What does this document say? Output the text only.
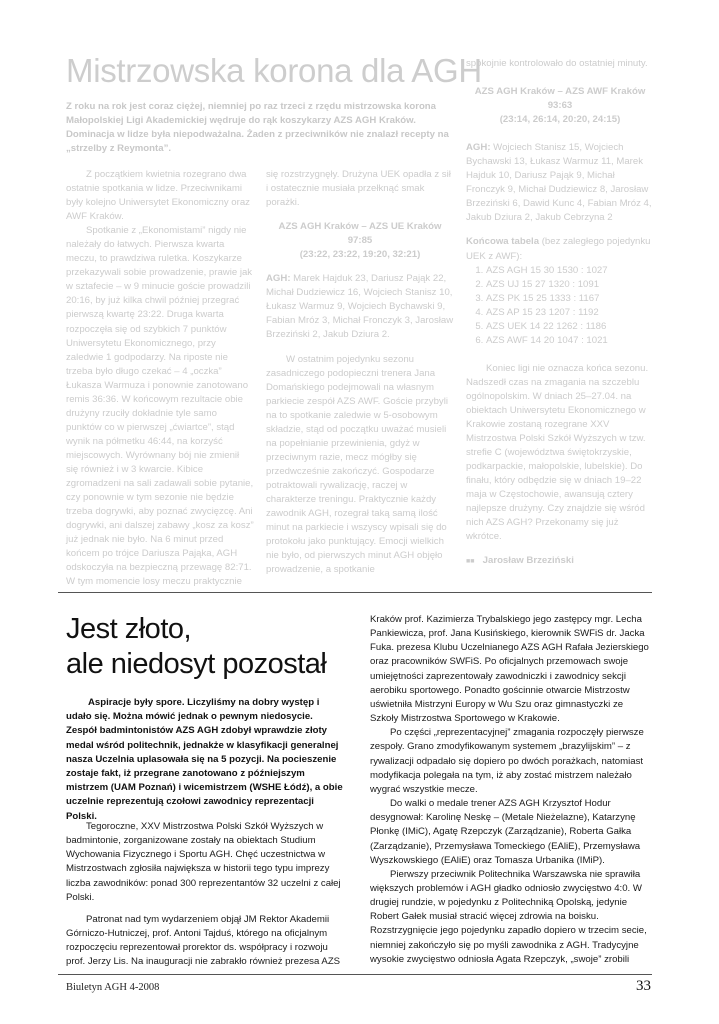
Mistrzowska korona dla AGH

Z roku na rok jest coraz ciężej, niemniej po raz trzeci z rzędu mistrzowska korona Małopolskiej Ligi Akademickiej wędruje do rąk koszykarzy AZS AGH Kraków. Dominacja w lidze była niepodważalna. Żaden z przeciwników nie znalazł recepty na „strzelby z Reymonta”.

Z początkiem kwietnia rozegrano dwa ostatnie spotkania w lidze. Przeciwnikami były kolejno Uniwersytet Ekonomiczny oraz AWF Kraków.

Spotkanie z „Ekonomistami” nigdy nie należały do łatwych. Pierwsza kwarta meczu, to prawdziwa ruletka. Koszykarze przekazywali sobie prowadzenie, prawie jak w sztafecie – w 9 minucie goście prowadzili 20:16, by już kilka chwil później przegrać pierwszą kwartę 23:22. Druga kwarta rozpoczęła się od szybkich 7 punktów Uniwersytetu Ekonomicznego, przy zaledwie 1 godpodarzy. Na riposte nie trzeba było długo czekać – 4 „oczka” Łukasza Warmuza i ponownie zanotowano remis 36:36. W końcowym rezultacie obie drużyny rzuciły dokładnie tyle samo punktów co w pierwszej „ćwiartce”, stąd wynik na półmetku 46:44, na korzyść miejscowych. Wyrównany bój nie zmienił się również i w 3 kwarcie. Kibice zgromadzeni na sali zadawali sobie pytanie, czy ponownie w tym sezonie nie będzie trzeba dogrywki, aby poznać zwycięzcę. Ani dogrywki, ani dalszej zabawy „kosz za kosz” już jednak nie było. Na 6 minut przed końcem po trójce Dariusza Pająka, AGH odskoczyła na bezpieczną przewagę 82:71. W tym momencie losy meczu praktycznie

się rozstrzygnęły. Drużyna UEK opadła z sił i ostatecznie musiała przełknąć smak porażki.

AZS AGH Kraków – AZS UE Kraków

97:85

(23:22, 23:22, 19:20, 32:21)

AGH: Marek Hajduk 23, Dariusz Pająk 22, Michał Dudziewicz 16, Wojciech Stanisz 10, Łukasz Warmuz 9, Wojciech Bychawski 9, Fabian Mróz 3, Michał Fronczyk 3, Jarosław Brzeziński 2, Jakub Dziura 2.

W ostatnim pojedynku sezonu zasadniczego podopieczni trenera Jana Domańskiego podejmowali na własnym parkiecie zespół AZS AWF. Goście przybyli na to spotkanie zaledwie w 5-osobowym składzie, stąd od początku uważać musieli na popełnianie przewinienia, gdyż w przeciwnym razie, mecz mógłby się przedwcześnie zakończyć. Gospodarze potraktowali rywalizację, raczej w charakterze treningu. Praktycznie każdy zawodnik AGH, rozegrał taką samą ilość minut na parkiecie i wszyscy wpisali się do protokołu jako punktujący. Emocji wielkich nie było, od pierwszych minut AGH objęło prowadzenie, a spotkanie

spokojnie kontrolowało do ostatniej minuty.

AZS AGH Kraków – AZS AWF Kraków

93:63

(23:14, 26:14, 20:20, 24:15)

AGH: Wojciech Stanisz 15, Wojciech Bychawski 13, Łukasz Warmuz 11, Marek Hajduk 10, Dariusz Pająk 9, Michał Fronczyk 9, Michał Dudziewicz 8, Jarosław Brzeziński 6, Dawid Kunc 4, Fabian Mróz 4, Jakub Dziura 2, Jakub Cebrzyna 2

Końcowa tabela (bez zaległego pojedynku UEK z AWF):

1. AZS AGH 15 30 1530 : 1027
2. AZS UJ 15 27 1320 : 1091
3. AZS PK 15 25 1333 : 1167
4. AZS AP 15 23 1207 : 1192
5. AZS UEK 14 22 1262 : 1186
6. AZS AWF 14 20 1047 : 1021

Koniec ligi nie oznacza końca sezonu. Nadszedł czas na zmagania na szczeblu ogólnopolskim. W dniach 25–27.04. na obiektach Uniwersytetu Ekonomicznego w Krakowie zostaną rozegrane XXV Mistrzostwa Polski Szkół Wyższych w tzw. strefie C (województwa świętokrzyskie, podkarpackie, małopolskie, lubelskie). Do finału, który odbędzie się w dniach 19–22 maja w Częstochowie, awansują cztery najlepsze drużyny. Czy znajdzie się wśród nich AZS AGH? Przekonamy się już wkrótce.

■■ Jarosław Brzeziński

Jest złoto,
ale niedosyt pozostał

Aspiracje były spore. Liczyliśmy na dobry występ i udało się. Można mówić jednak o pewnym niedosycie. Zespół badmintonistów AZS AGH zdobył wprawdzie złoty medal wśród politechnik, jednakże w klasyfikacji generalnej nasza Uczelnia uplasowała się na 5 pozycji. Na pocieszenie zostaje fakt, iż przegrane zanotowano z późniejszym mistrzem (UAM Poznań) i wicemistrzem (WSHE Łódź), a obie uczelnie reprezentują czołowi zawodnicy reprezentacji Polski.

Tegoroczne, XXV Mistrzostwa Polski Szkół Wyższych w badmintonie, zorganizowane zostały na obiektach Studium Wychowania Fizycznego i Sportu AGH. Chęć uczestnictwa w Mistrzostwach zgłosiła największa w historii tego typu imprezy liczba zawodników: ponad 300 reprezentantów 32 uczelni z całej Polski.

Patronat nad tym wydarzeniem objął JM Rektor Akademii Górniczo-Hutniczej, prof. Antoni Tajduś, którego na oficjalnym rozpoczęciu reprezentował prorektor ds. współpracy i rozwoju prof. Jerzy Lis. Na inauguracji nie zabrakło również prezesa AZS

Kraków prof. Kazimierza Trybalskiego jego zastępcy mgr. Lecha Pankiewicza, prof. Jana Kusińskiego, kierownik SWFiS dr. Jacka Fuka. prezesa Klubu Uczelnianego AZS AGH Rafała Jezierskiego oraz pracowników SWFiS. Po oficjalnych przemowach swoje umiejętności zaprezentowały zawodniczki i zawodnicy sekcji aerobiku sportowego. Ponadto gościnnie otwarcie Mistrzostw uświetniła Mistrzyni Europy w Wu Szu oraz gimnastyczki ze Szkoły Mistrzostwa Sportowego w Krakowie.

Po części „reprezentacyjnej” zmagania rozpoczęły pierwsze zespoły. Grano zmodyfikowanym systemem „brazylijskim” – z rywalizacji odpadało się dopiero po dwóch porażkach, natomiast modyfikacja polegała na tym, iż aby zostać mistrzem należało wygrać wszystkie mecze.

Do walki o medale trener AZS AGH Krzysztof Hodur desygnował: Karolinę Neskę – (Metale Nieżelazne), Katarzynę Płonkę (IMiC), Agatę Rzepczyk (Zarządzanie), Roberta Gałka (Zarządzanie), Przemysława Tomeckiego (EAliE), Przemysława Wyszkowskiego (EAliE) oraz Tomasza Urbanika (IMiP).

Pierwszy przeciwnik Politechnika Warszawska nie sprawiła większych problemów i AGH gładko odniosło zwycięstwo 4:0. W drugiej rundzie, w pojedynku z Politechniką Opolską, jedynie Robert Gałek musiał stracić więcej zdrowia na boisku. Rozstrzygnięcie jego pojedynku zapadło dopiero w trzecim secie, niemniej zakończyło się po myśli zawodnika z AGH. Tradycyjne wysokie zwycięstwo odniosła Agata Rzepczyk, „swoje” zrobili

Biuletyn AGH 4-2008	33
